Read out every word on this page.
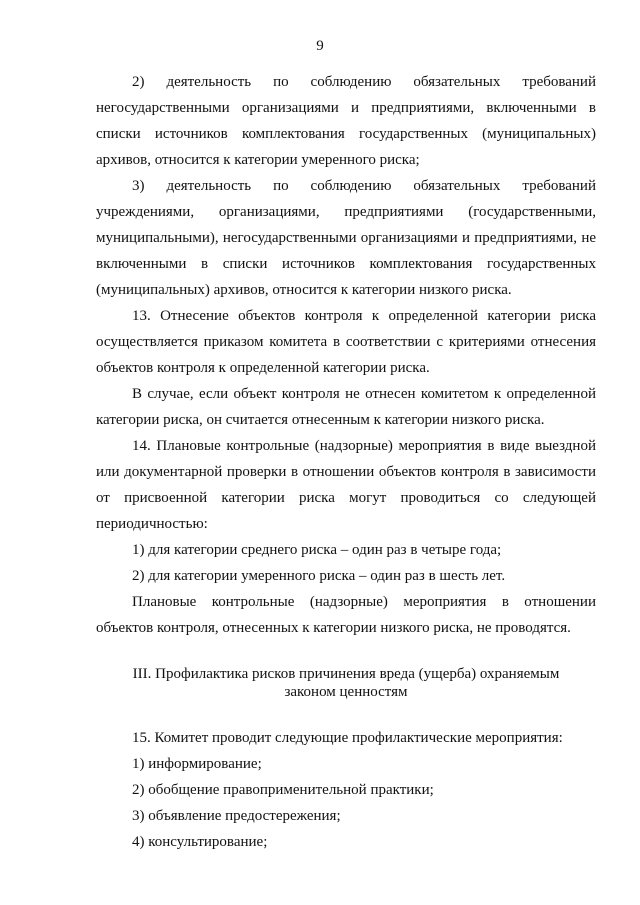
9

2) деятельность по соблюдению обязательных требований негосударственными организациями и предприятиями, включенными в списки источников комплектования государственных (муниципальных) архивов, относится к категории умеренного риска;

3) деятельность по соблюдению обязательных требований учреждениями, организациями, предприятиями (государственными, муниципальными), негосударственными организациями и предприятиями, не включенными в списки источников комплектования государственных (муниципальных) архивов, относится к категории низкого риска.

13. Отнесение объектов контроля к определенной категории риска осуществляется приказом комитета в соответствии с критериями отнесения объектов контроля к определенной категории риска.

В случае, если объект контроля не отнесен комитетом к определенной категории риска, он считается отнесенным к категории низкого риска.

14. Плановые контрольные (надзорные) мероприятия в виде выездной или документарной проверки в отношении объектов контроля в зависимости от присвоенной категории риска могут проводиться со следующей периодичностью:

1) для категории среднего риска – один раз в четыре года;

2) для категории умеренного риска – один раз в шесть лет.

Плановые контрольные (надзорные) мероприятия в отношении объектов контроля, отнесенных к категории низкого риска, не проводятся.

III. Профилактика рисков причинения вреда (ущерба) охраняемым
законом ценностям

15. Комитет проводит следующие профилактические мероприятия:

1) информирование;

2) обобщение правоприменительной практики;

3) объявление предостережения;

4) консультирование;
